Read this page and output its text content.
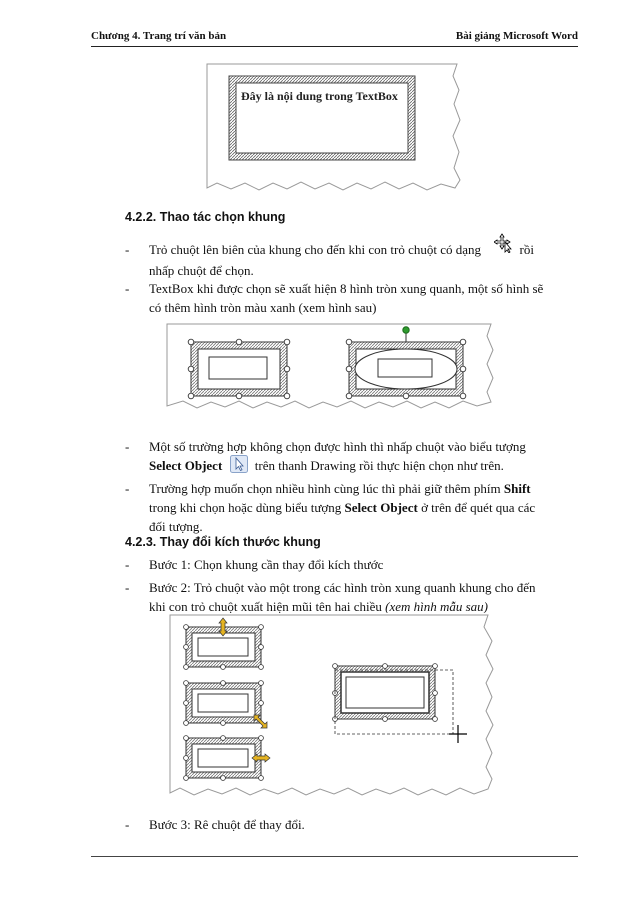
Chương 4. Trang trí văn bản	Bài giảng Microsoft Word
Đây là nội dung trong TextBox
4.2.2. Thao tác chọn khung
- Trỏ chuột lên biên của khung cho đến khi con trỏ chuột có dạng	rồi
nhấp chuột để chọn.
- TextBox khi được chọn sẽ xuất hiện 8 hình tròn xung quanh, một số hình sẽ
có thêm hình tròn màu xanh (xem hình sau)
- Một số trường hợp không chọn được hình thì nhấp chuột vào biểu tượng
Select Object	trên thanh Drawing rồi thực hiện chọn như trên.
- Trường hợp muốn chọn nhiều hình cùng lúc thì phải giữ thêm phím Shift
trong khi chọn hoặc dùng biểu tượng Select Object ở trên để quét qua các
đối tượng.
4.2.3. Thay đổi kích thước khung
- Bước 1: Chọn khung cần thay đổi kích thước
- Bước 2: Trỏ chuột vào một trong các hình tròn xung quanh khung cho đến
khi con trỏ chuột xuất hiện mũi tên hai chiều (xem hình mẫu sau)
- Bước 3: Rê chuột để thay đổi.
